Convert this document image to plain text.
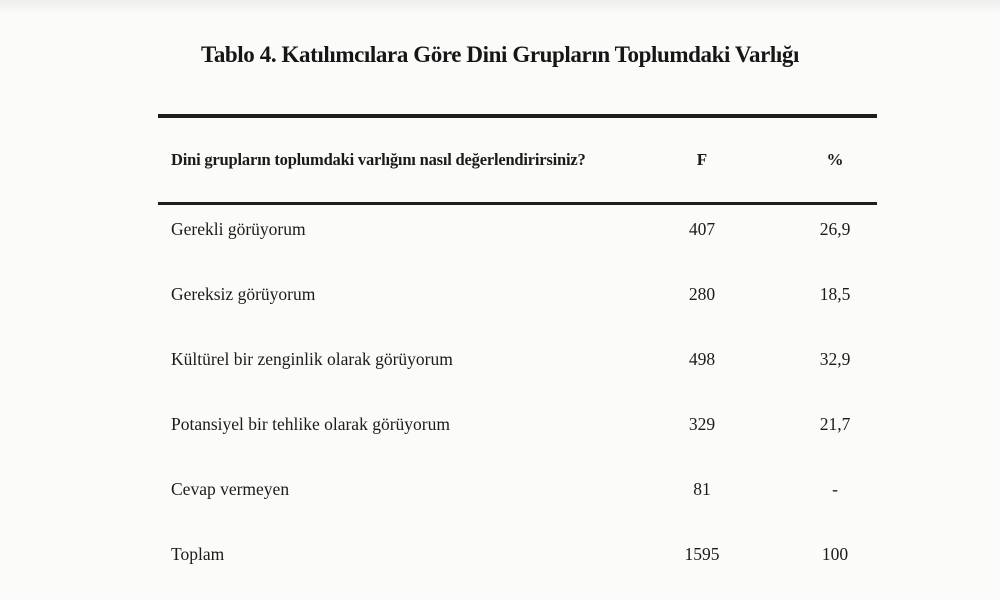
Tablo 4. Katılımcılara Göre Dini Grupların Toplumdaki Varlığı
Dini grupların toplumdaki varlığını nasıl değerlendirirsiniz?	F	%
Gerekli görüyorum	407	26,9
Gereksiz görüyorum	280	18,5
Kültürel bir zenginlik olarak görüyorum	498	32,9
Potansiyel bir tehlike olarak görüyorum	329	21,7
Cevap vermeyen	81	-
Toplam	1595	100
